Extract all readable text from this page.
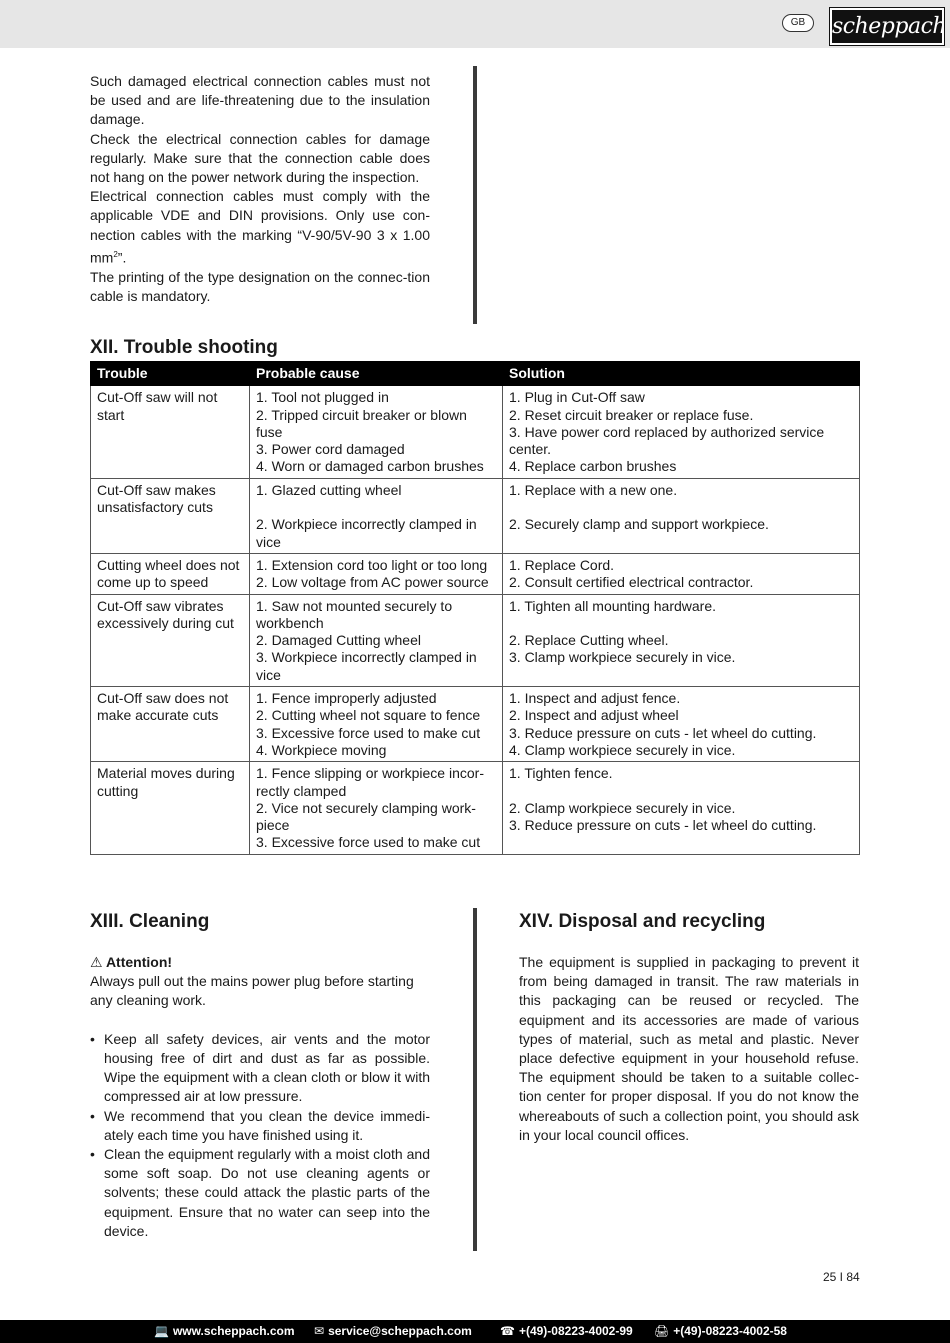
GB	scheppach
Such damaged electrical connection cables must not be used and are life-threatening due to the insulation damage.
Check the electrical connection cables for damage regularly. Make sure that the connection cable does not hang on the power network during the inspection.
Electrical connection cables must comply with the applicable VDE and DIN provisions. Only use con-nection cables with the marking “V-90/5V-90 3 x 1.00 $mm^2$”.
The printing of the type designation on the connec-tion cable is mandatory.
XII. Trouble shooting
Trouble	Probable cause	Solution
Cut-Off saw will not start	1. Tool not plugged in
2. Tripped circuit breaker or blown fuse
3. Power cord damaged
4. Worn or damaged carbon brushes	1. Plug in Cut-Off saw
2. Reset circuit breaker or replace fuse.
3. Have power cord replaced by authorized service center.
4. Replace carbon brushes

Cut-Off saw makes unsatisfactory cuts	1. Glazed cutting wheel
2. Workpiece incorrectly clamped in vice	1. Replace with a new one.
2. Securely clamp and support workpiece.

Cutting wheel does not come up to speed	1. Extension cord too light or too long
2. Low voltage from AC power source	1. Replace Cord.
2. Consult certified electrical contractor.

Cut-Off saw vibrates excessively during cut	1. Saw not mounted securely to workbench
2. Damaged Cutting wheel
3. Workpiece incorrectly clamped in vice	1. Tighten all mounting hardware.
2. Replace Cutting wheel.
3. Clamp workpiece securely in vice.

Cut-Off saw does not make accurate cuts	1. Fence improperly adjusted
2. Cutting wheel not square to fence
3. Excessive force used to make cut
4. Workpiece moving	1. Inspect and adjust fence.
2. Inspect and adjust wheel
3. Reduce pressure on cuts - let wheel do cutting.
4. Clamp workpiece securely in vice.

Material moves during cutting	1. Fence slipping or workpiece incor-rectly clamped
2. Vice not securely clamping work-piece
3. Excessive force used to make cut	1. Tighten fence.
2. Clamp workpiece securely in vice.
3. Reduce pressure on cuts - let wheel do cutting.
XIII. Cleaning
⚠ Attention!
Always pull out the mains power plug before starting any cleaning work.
• Keep all safety devices, air vents and the motor housing free of dirt and dust as far as possible. Wipe the equipment with a clean cloth or blow it with compressed air at low pressure.
• We recommend that you clean the device immedi-ately each time you have finished using it.
• Clean the equipment regularly with a moist cloth and some soft soap. Do not use cleaning agents or solvents; these could attack the plastic parts of the equipment. Ensure that no water can seep into the device.
XIV. Disposal and recycling
The equipment is supplied in packaging to prevent it from being damaged in transit. The raw materials in this packaging can be reused or recycled. The equipment and its accessories are made of various types of material, such as metal and plastic. Never place defective equipment in your household refuse. The equipment should be taken to a suitable collec-tion center for proper disposal. If you do not know the whereabouts of such a collection point, you should ask in your local council offices.
25 I 84
💻 www.scheppach.com ✉ service@scheppach.com ☎ +(49)-08223-4002-99 🖨 +(49)-08223-4002-58
